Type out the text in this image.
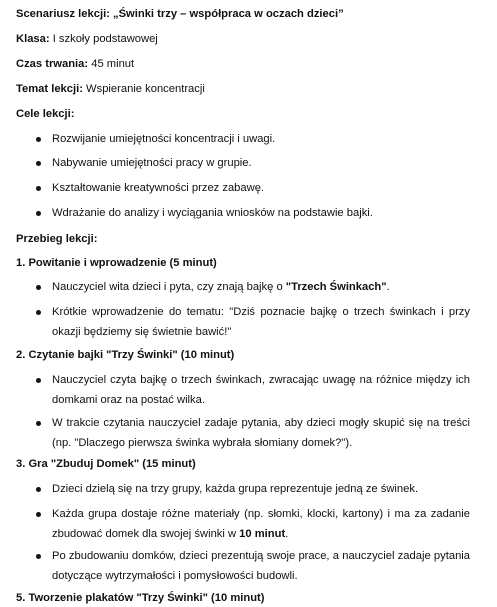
Scenariusz lekcji: „Świnki trzy – współpraca w oczach dzieci”
Klasa: I szkoły podstawowej
Czas trwania: 45 minut
Temat lekcji: Wspieranie koncentracji
Cele lekcji:
Rozwijanie umiejętności koncentracji i uwagi.
Nabywanie umiejętności pracy w grupie.
Kształtowanie kreatywności przez zabawę.
Wdrażanie do analizy i wyciągania wniosków na podstawie bajki.
Przebieg lekcji:
1. Powitanie i wprowadzenie (5 minut)
Nauczyciel wita dzieci i pyta, czy znają bajkę o "Trzech Świnkach".
Krótkie wprowadzenie do tematu: "Dziś poznacie bajkę o trzech świnkach i przy okazji będziemy się świetnie bawić!"
2. Czytanie bajki "Trzy Świnki" (10 minut)
Nauczyciel czyta bajkę o trzech świnkach, zwracając uwagę na różnice między ich domkami oraz na postać wilka.
W trakcie czytania nauczyciel zadaje pytania, aby dzieci mogły skupić się na treści (np. "Dlaczego pierwsza świnka wybrała słomiany domek?").
3. Gra "Zbuduj Domek" (15 minut)
Dzieci dzielą się na trzy grupy, każda grupa reprezentuje jedną ze świnek.
Każda grupa dostaje różne materiały (np. słomki, klocki, kartony) i ma za zadanie zbudować domek dla swojej świnki w 10 minut.
Po zbudowaniu domków, dzieci prezentują swoje prace, a nauczyciel zadaje pytania dotyczące wytrzymałości i pomysłowości budowli.
5. Tworzenie plakatów "Trzy Świnki" (10 minut)
